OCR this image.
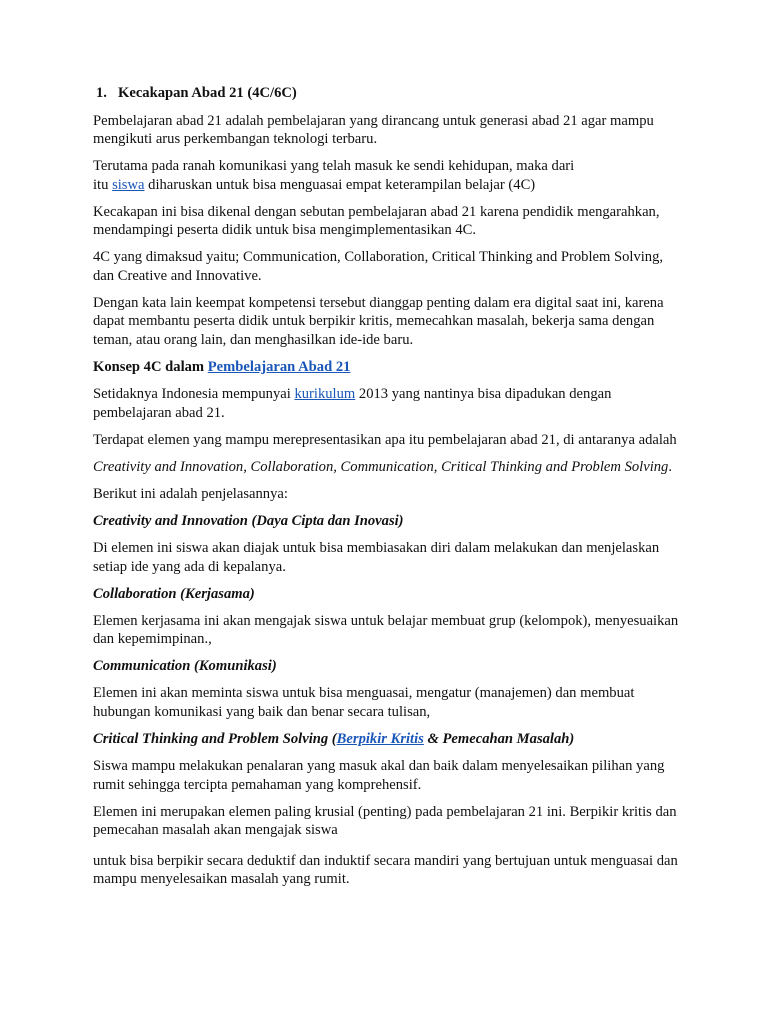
1. Kecakapan Abad 21 (4C/6C)

Pembelajaran abad 21 adalah pembelajaran yang dirancang untuk generasi abad 21 agar mampu mengikuti arus perkembangan teknologi terbaru.

Terutama pada ranah komunikasi yang telah masuk ke sendi kehidupan, maka dari
itu siswa diharuskan untuk bisa menguasai empat keterampilan belajar (4C)

Kecakapan ini bisa dikenal dengan sebutan pembelajaran abad 21 karena pendidik mengarahkan, mendampingi peserta didik untuk bisa mengimplementasikan 4C.

4C yang dimaksud yaitu; Communication, Collaboration, Critical Thinking and Problem Solving, dan Creative and Innovative.

Dengan kata lain keempat kompetensi tersebut dianggap penting dalam era digital saat ini, karena dapat membantu peserta didik untuk berpikir kritis, memecahkan masalah, bekerja sama dengan teman, atau orang lain, dan menghasilkan ide-ide baru.

Konsep 4C dalam Pembelajaran Abad 21

Setidaknya Indonesia mempunyai kurikulum 2013 yang nantinya bisa dipadukan dengan pembelajaran abad 21.

Terdapat elemen yang mampu merepresentasikan apa itu pembelajaran abad 21, di antaranya adalah

Creativity and Innovation, Collaboration, Communication, Critical Thinking and Problem Solving.

Berikut ini adalah penjelasannya:

Creativity and Innovation (Daya Cipta dan Inovasi)

Di elemen ini siswa akan diajak untuk bisa membiasakan diri dalam melakukan dan menjelaskan setiap ide yang ada di kepalanya.

Collaboration (Kerjasama)

Elemen kerjasama ini akan mengajak siswa untuk belajar membuat grup (kelompok), menyesuaikan dan kepemimpinan.,

Communication (Komunikasi)

Elemen ini akan meminta siswa untuk bisa menguasai, mengatur (manajemen) dan membuat hubungan komunikasi yang baik dan benar secara tulisan,

Critical Thinking and Problem Solving (Berpikir Kritis & Pemecahan Masalah)

Siswa mampu melakukan penalaran yang masuk akal dan baik dalam menyelesaikan pilihan yang rumit sehingga tercipta pemahaman yang komprehensif.

Elemen ini merupakan elemen paling krusial (penting) pada pembelajaran 21 ini. Berpikir kritis dan pemecahan masalah akan mengajak siswa

untuk bisa berpikir secara deduktif dan induktif secara mandiri yang bertujuan untuk menguasai dan mampu menyelesaikan masalah yang rumit.
